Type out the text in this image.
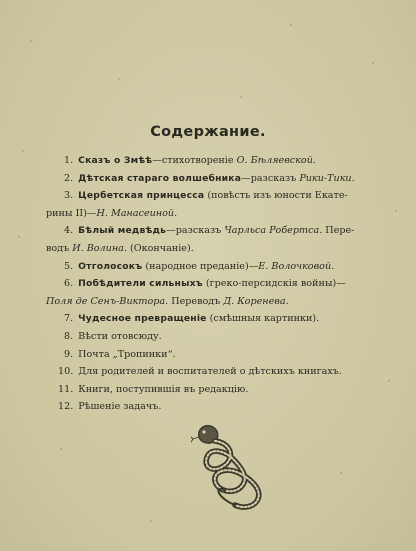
Содержание.
1. Сказъ о Змѣѣ—стихотвореніе О. Бѣляевской.
2. Дѣтская стараго волшебника—разсказъ Рики-Тики.
3. Цербетская принцесса (повѣсть изъ юности Екате-
рины II)—Н. Манасеиной.
4. Бѣлый медвѣдь—разсказъ Чарльса Робертса. Пере-
водъ И. Волина. (Окончаніе).
5. Отголосокъ (народное преданіе)—Е. Волочковой.
6. Побѣдители сильныхъ (греко-персидскія войны)—
Поля де Сенъ-Виктора. Переводъ Д. Коренева.
7. Чудесное превращеніе (смѣшныя картинки).
8. Вѣсти отовсюду.
9. Почта „Тропинки“.
10. Для родителей и воспитателей о дѣтскихъ книгахъ.
11. Книги, поступившія въ редакцію.
12. Рѣшеніе задачъ.
